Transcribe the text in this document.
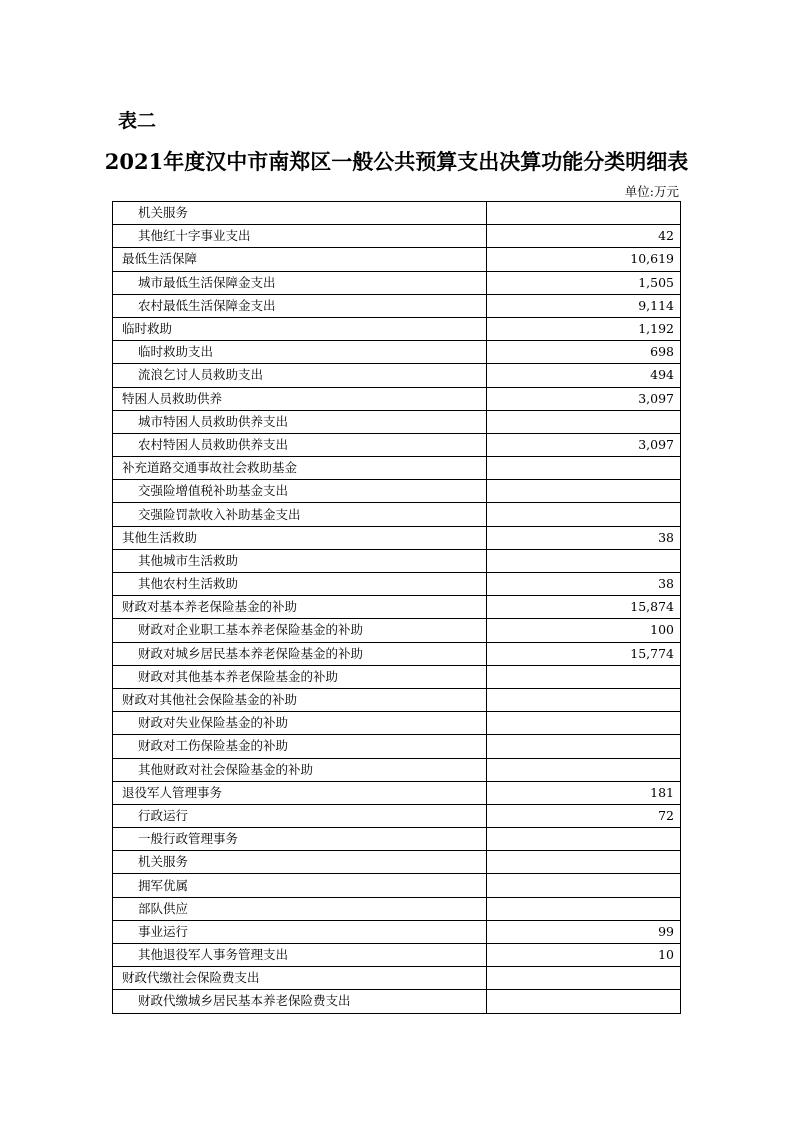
表二
2021年度汉中市南郑区一般公共预算支出决算功能分类明细表
单位:万元
机关服务	
其他红十字事业支出	42
最低生活保障	10,619
城市最低生活保障金支出	1,505
农村最低生活保障金支出	9,114
临时救助	1,192
临时救助支出	698
流浪乞讨人员救助支出	494
特困人员救助供养	3,097
城市特困人员救助供养支出	
农村特困人员救助供养支出	3,097
补充道路交通事故社会救助基金	
交强险增值税补助基金支出	
交强险罚款收入补助基金支出	
其他生活救助	38
其他城市生活救助	
其他农村生活救助	38
财政对基本养老保险基金的补助	15,874
财政对企业职工基本养老保险基金的补助	100
财政对城乡居民基本养老保险基金的补助	15,774
财政对其他基本养老保险基金的补助	
财政对其他社会保险基金的补助	
财政对失业保险基金的补助	
财政对工伤保险基金的补助	
其他财政对社会保险基金的补助	
退役军人管理事务	181
行政运行	72
一般行政管理事务	
机关服务	
拥军优属	
部队供应	
事业运行	99
其他退役军人事务管理支出	10
财政代缴社会保险费支出	
财政代缴城乡居民基本养老保险费支出	
